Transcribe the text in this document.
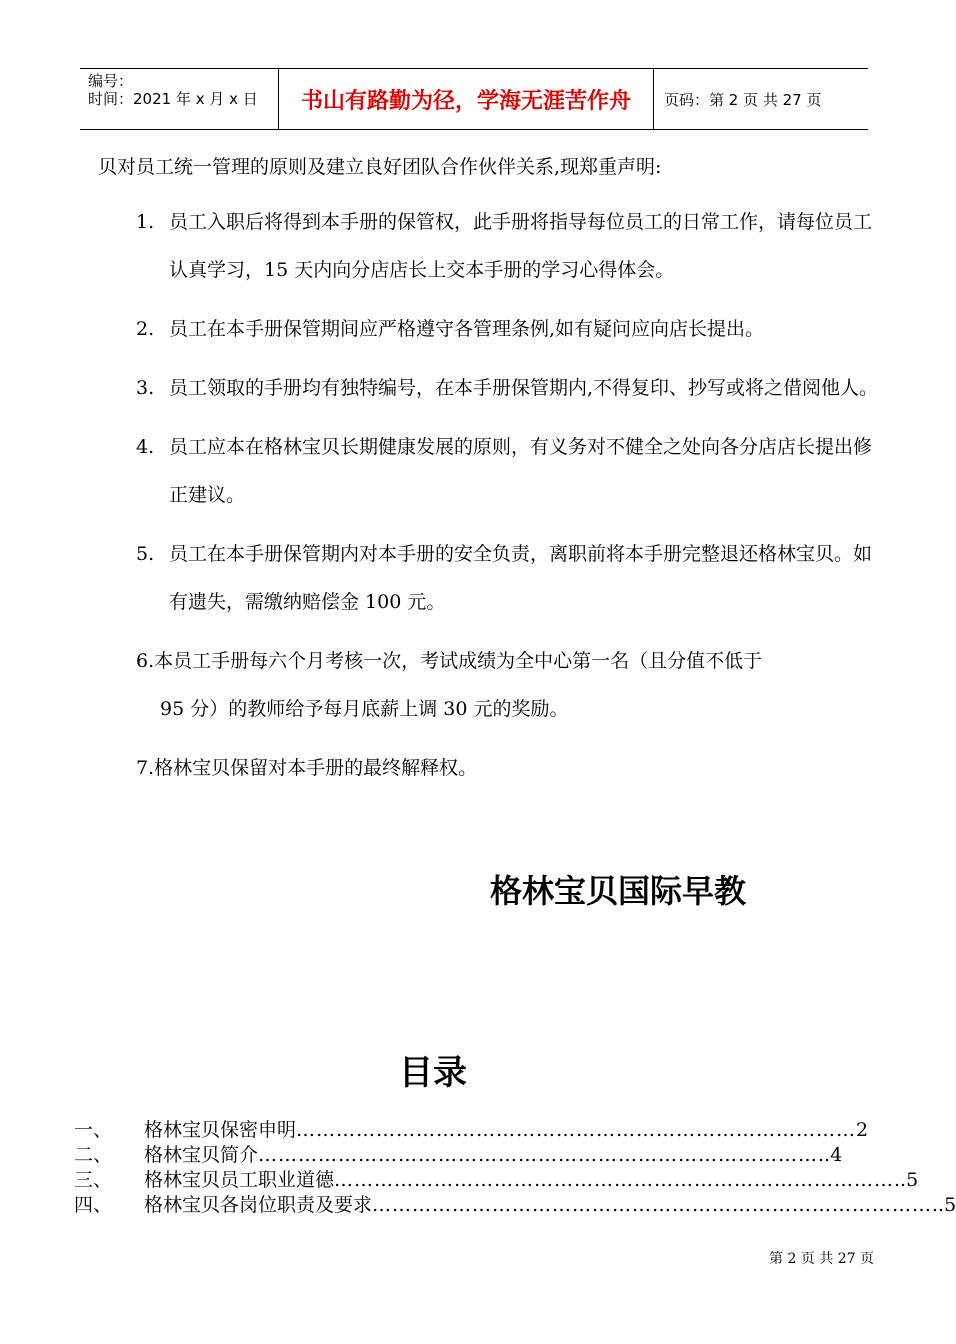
编号：
时间：2021 年 x 月 x 日	书山有路勤为径，学海无涯苦作舟	页码：第 2 页 共 27 页
贝对员工统一管理的原则及建立良好团队合作伙伴关系,现郑重声明:
1. 员工入职后将得到本手册的保管权，此手册将指导每位员工的日常工作，请每位员工认真学习，15 天内向分店店长上交本手册的学习心得体会。
2. 员工在本手册保管期间应严格遵守各管理条例,如有疑问应向店长提出。
3. 员工领取的手册均有独特编号，在本手册保管期内,不得复印、抄写或将之借阅他人。
4. 员工应本在格林宝贝长期健康发展的原则，有义务对不健全之处向各分店店长提出修正建议。
5. 员工在本手册保管期内对本手册的安全负责，离职前将本手册完整退还格林宝贝。如有遗失，需缴纳赔偿金 100 元。
6.本员工手册每六个月考核一次，考试成绩为全中心第一名（且分值不低于
95 分）的教师给予每月底薪上调 30 元的奖励。
7.格林宝贝保留对本手册的最终解释权。
格林宝贝国际早教
目录
一、	格林宝贝保密申明 ………………………………………………………………………… 2
二、	格林宝贝简介 ………………………………………………………………………… ..4
三、	格林宝贝员工职业道德 ………………………………………………………………………… ..5
四、	格林宝贝各岗位职责及要求 ………………………………………………………………………… ..5
第 2 页 共 27 页
